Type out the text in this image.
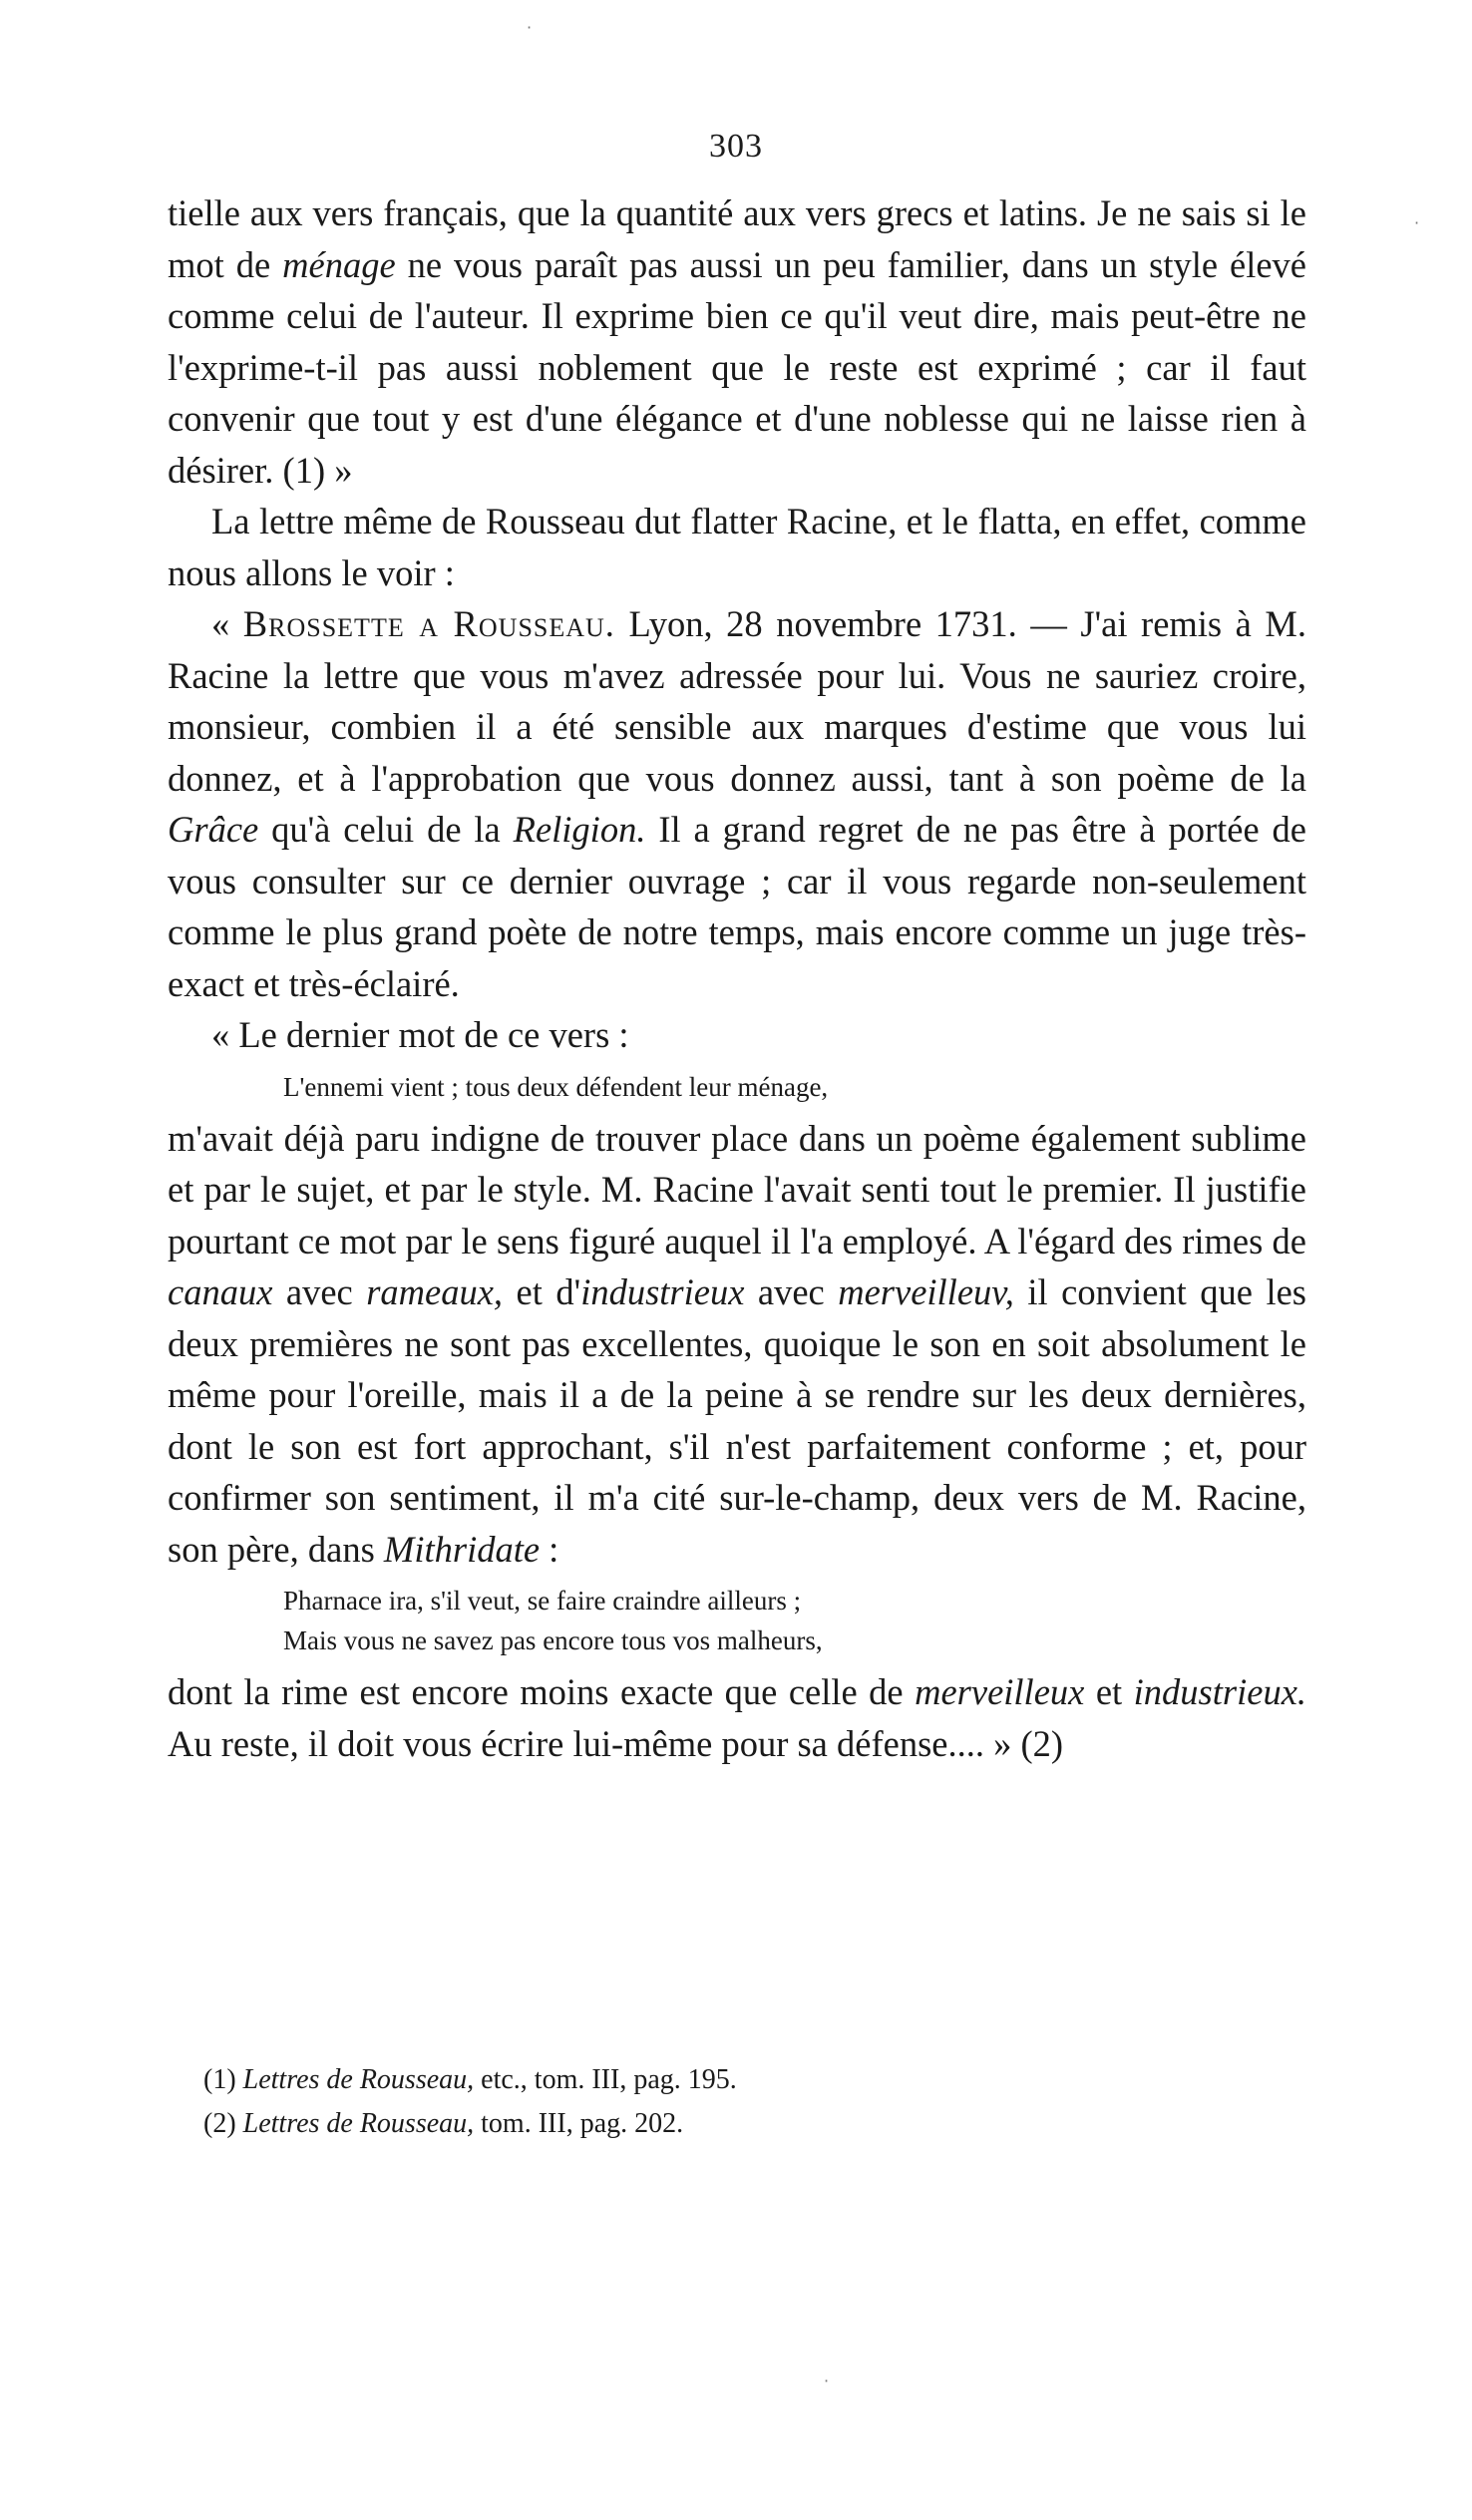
303

tielle aux vers français, que la quantité aux vers grecs et latins. Je ne sais si le mot de ménage ne vous paraît pas aussi un peu familier, dans un style élevé comme celui de l'auteur. Il exprime bien ce qu'il veut dire, mais peut-être ne l'exprime-t-il pas aussi noblement que le reste est exprimé ; car il faut convenir que tout y est d'une élégance et d'une noblesse qui ne laisse rien à désirer. (1) »

La lettre même de Rousseau dut flatter Racine, et le flatta, en effet, comme nous allons le voir :

« Brossette a Rousseau. Lyon, 28 novembre 1731. — J'ai remis à M. Racine la lettre que vous m'avez adressée pour lui. Vous ne sauriez croire, monsieur, combien il a été sensible aux marques d'estime que vous lui donnez, et à l'approbation que vous donnez aussi, tant à son poème de la Grâce qu'à celui de la Religion. Il a grand regret de ne pas être à portée de vous consulter sur ce dernier ouvrage ; car il vous regarde non-seulement comme le plus grand poète de notre temps, mais encore comme un juge très-exact et très-éclairé.

« Le dernier mot de ce vers :

L'ennemi vient ; tous deux défendent leur ménage,

m'avait déjà paru indigne de trouver place dans un poème également sublime et par le sujet, et par le style. M. Racine l'avait senti tout le premier. Il justifie pourtant ce mot par le sens figuré auquel il l'a employé. A l'égard des rimes de canaux avec rameaux, et d'industrieux avec merveilleuv, il convient que les deux premières ne sont pas excellentes, quoique le son en soit absolument le même pour l'oreille, mais il a de la peine à se rendre sur les deux dernières, dont le son est fort approchant, s'il n'est parfaitement conforme ; et, pour confirmer son sentiment, il m'a cité sur-le-champ, deux vers de M. Racine, son père, dans Mithridate :

Pharnace ira, s'il veut, se faire craindre ailleurs ;
Mais vous ne savez pas encore tous vos malheurs,

dont la rime est encore moins exacte que celle de merveilleux et industrieux. Au reste, il doit vous écrire lui-même pour sa défense.... » (2)

(1) Lettres de Rousseau, etc., tom. III, pag. 195.

(2) Lettres de Rousseau, tom. III, pag. 202.

·
·
·
